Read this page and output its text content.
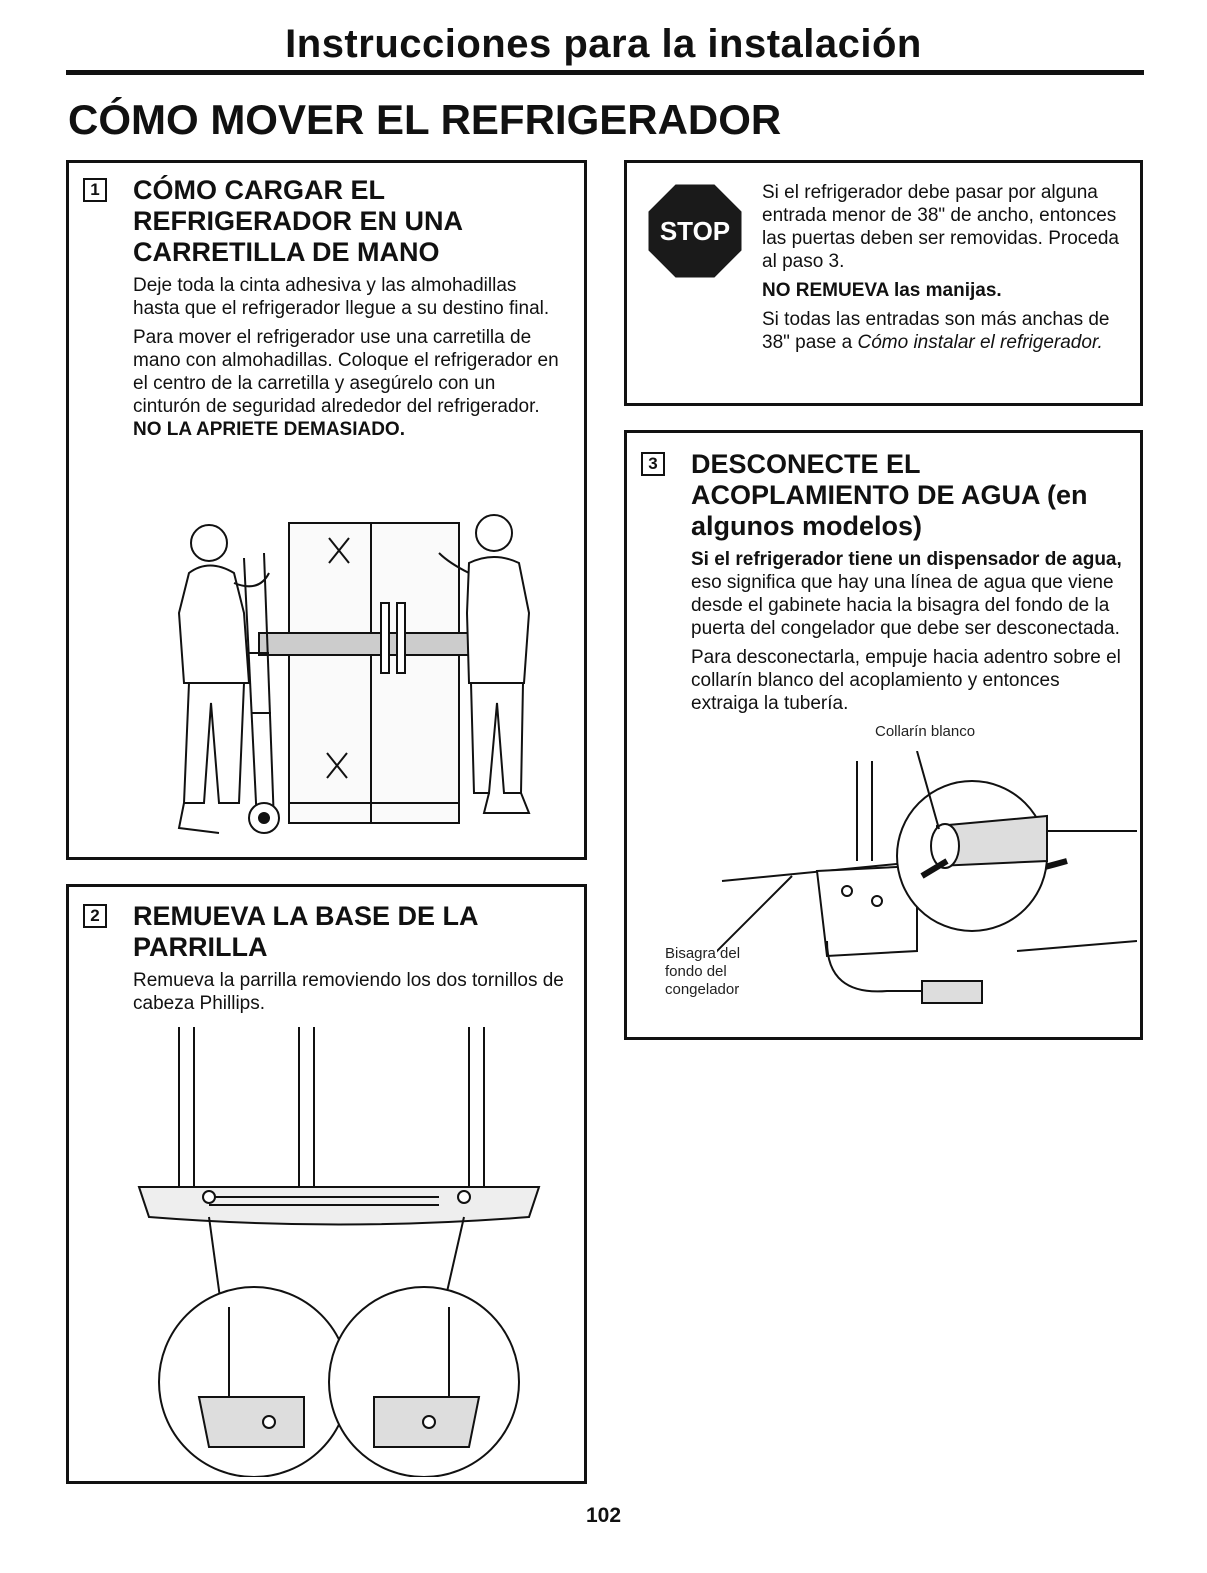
Instrucciones para la instalación
CÓMO MOVER EL REFRIGERADOR
1 CÓMO CARGAR EL REFRIGERADOR EN UNA CARRETILLA DE MANO

Deje toda la cinta adhesiva y las almohadillas hasta que el refrigerador llegue a su destino final.

Para mover el refrigerador use una carretilla de mano con almohadillas. Coloque el refrigerador en el centro de la carretilla y asegúrelo con un cinturón de seguridad alrededor del refrigerador. NO LA APRIETE DEMASIADO.

2 REMUEVA LA BASE DE LA PARRILLA

Remueva la parrilla removiendo los dos tornillos de cabeza Phillips.

STOP

Si el refrigerador debe pasar por alguna entrada menor de 38" de ancho, entonces las puertas deben ser removidas. Proceda al paso 3.

NO REMUEVA las manijas.

Si todas las entradas son más anchas de 38" pase a Cómo instalar el refrigerador.

3 DESCONECTE EL ACOPLAMIENTO DE AGUA (en algunos modelos)

Si el refrigerador tiene un dispensador de agua, eso significa que hay una línea de agua que viene desde el gabinete hacia la bisagra del fondo de la puerta del congelador que debe ser desconectada.

Para desconectarla, empuje hacia adentro sobre el collarín blanco del acoplamiento y entonces extraiga la tubería.

Collarín blanco
Bisagra del
fondo del
congelador
102
